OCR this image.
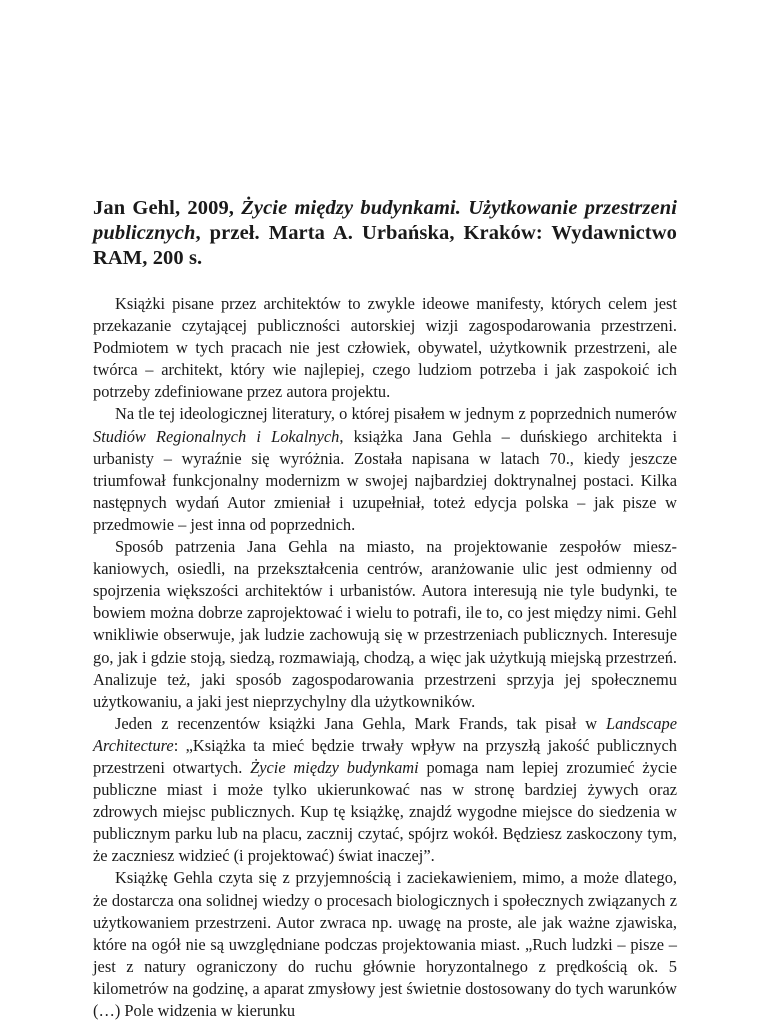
Jan Gehl, 2009, Życie między budynkami. Użytkowanie przestrzeni publicznych, przeł. Marta A. Urbańska, Kraków: Wydawnictwo RAM, 200 s.

Książki pisane przez architektów to zwykle ideowe manifesty, których celem jest przekazanie czytającej publiczności autorskiej wizji zagospodarowania przestrzeni. Podmiotem w tych pracach nie jest człowiek, obywatel, użytkownik przestrzeni, ale twórca – architekt, który wie najlepiej, czego ludziom potrzeba i jak zaspokoić ich potrzeby zdefiniowane przez autora projektu.

Na tle tej ideologicznej literatury, o której pisałem w jednym z poprzednich numerów Studiów Regionalnych i Lokalnych, książka Jana Gehla – duńskiego architekta i urbanisty – wyraźnie się wyróżnia. Została napisana w latach 70., kiedy jeszcze triumfował funkcjonalny modernizm w swojej najbardziej doktrynalnej postaci. Kilka następnych wydań Autor zmieniał i uzupełniał, toteż edycja polska – jak pisze w przedmowie – jest inna od poprzednich.

Sposób patrzenia Jana Gehla na miasto, na projektowanie zespołów mieszkaniowych, osiedli, na przekształcenia centrów, aranżowanie ulic jest odmienny od spojrzenia większości architektów i urbanistów. Autora interesują nie tyle budynki, te bowiem można dobrze zaprojektować i wielu to potrafi, ile to, co jest między nimi. Gehl wnikliwie obserwuje, jak ludzie zachowują się w przestrzeniach publicznych. Interesuje go, jak i gdzie stoją, siedzą, rozmawiają, chodzą, a więc jak użytkują miejską przestrzeń. Analizuje też, jaki sposób zagospodarowania przestrzeni sprzyja jej społecznemu użytkowaniu, a jaki jest nieprzychylny dla użytkowników.

Jeden z recenzentów książki Jana Gehla, Mark Frands, tak pisał w Landscape Architecture: „Książka ta mieć będzie trwały wpływ na przyszłą jakość publicznych przestrzeni otwartych. Życie między budynkami pomaga nam lepiej zrozumieć życie publiczne miast i może tylko ukierunkować nas w stronę bardziej żywych oraz zdrowych miejsc publicznych. Kup tę książkę, znajdź wygodne miejsce do siedzenia w publicznym parku lub na placu, zacznij czytać, spójrz wokół. Będziesz zaskoczony tym, że zaczniesz widzieć (i projektować) świat inaczej”.

Książkę Gehla czyta się z przyjemnością i zaciekawieniem, mimo, a może dlatego, że dostarcza ona solidnej wiedzy o procesach biologicznych i społecznych związanych z użytkowaniem przestrzeni. Autor zwraca np. uwagę na proste, ale jak ważne zjawiska, które na ogół nie są uwzględniane podczas projektowania miast. „Ruch ludzki – pisze – jest z natury ograniczony do ruchu głównie horyzontalnego z prędkością ok. 5 kilometrów na godzinę, a aparat zmysłowy jest świetnie dostosowany do tych warunków (…) Pole widzenia w kierunku
